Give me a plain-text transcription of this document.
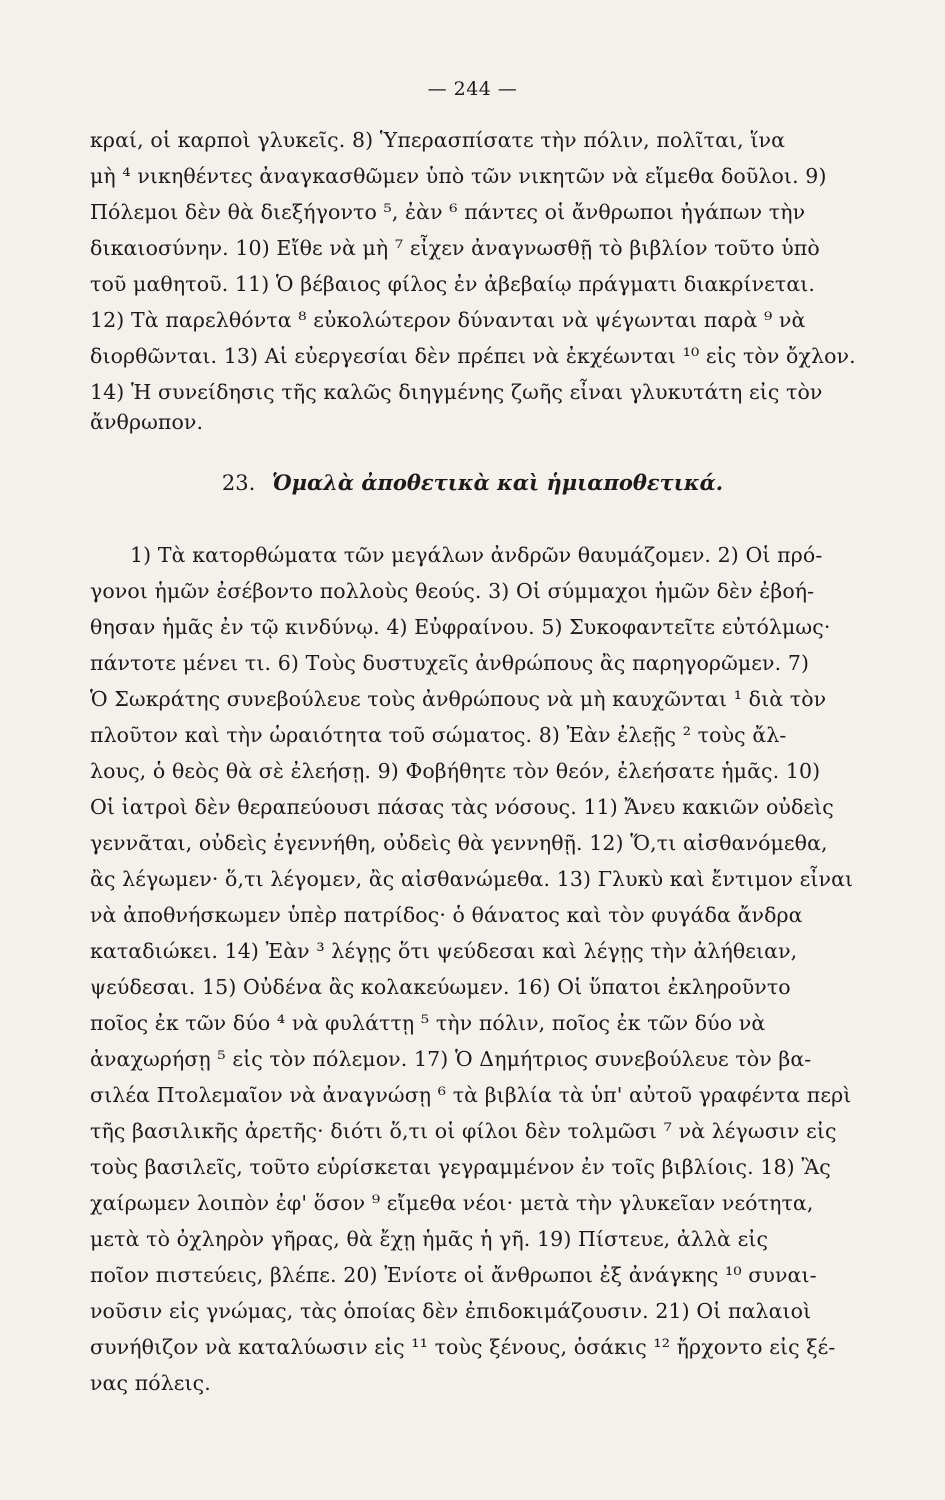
— 244 —
κραί, οἱ καρποὶ γλυκεῖς. 8) Ὑπερασπίσατε τὴν πόλιν, πολῖται, ἵνα
μὴ ⁴ νικηθέντες ἀναγκασθῶμεν ὑπὸ τῶν νικητῶν νὰ εἴμεθα δοῦλοι. 9)
Πόλεμοι δὲν θὰ διεξήγοντο ⁵, ἐὰν ⁶ πάντες οἱ ἄνθρωποι ἠγάπων τὴν
δικαιοσύνην. 10) Εἴθε νὰ μὴ ⁷ εἶχεν ἀναγνωσθῇ τὸ βιβλίον τοῦτο ὑπὸ
τοῦ μαθητοῦ. 11) Ὁ βέβαιος φίλος ἐν ἀβεβαίῳ πράγματι διακρίνεται.
12) Τὰ παρελθόντα ⁸ εὐκολώτερον δύνανται νὰ ψέγωνται παρὰ ⁹ νὰ
διορθῶνται. 13) Αἱ εὐεργεσίαι δὲν πρέπει νὰ ἐκχέωνται ¹⁰ εἰς τὸν ὄχλον.
14) Ἡ συνείδησις τῆς καλῶς διηγμένης ζωῆς εἶναι γλυκυτάτη εἰς τὸν
ἄνθρωπον.
23. Ὁμαλὰ ἀποθετικὰ καὶ ἡμιαποθετικά.
1) Τὰ κατορθώματα τῶν μεγάλων ἀνδρῶν θαυμάζομεν. 2) Οἱ πρό-
γονοι ἡμῶν ἐσέβοντο πολλοὺς θεούς. 3) Οἱ σύμμαχοι ἡμῶν δὲν ἐβοή-
θησαν ἡμᾶς ἐν τῷ κινδύνῳ. 4) Εὐφραίνου. 5) Συκοφαντεῖτε εὐτόλμως·
πάντοτε μένει τι. 6) Τοὺς δυστυχεῖς ἀνθρώπους ἂς παρηγορῶμεν. 7)
Ὁ Σωκράτης συνεβούλευε τοὺς ἀνθρώπους νὰ μὴ καυχῶνται ¹ διὰ τὸν
πλοῦτον καὶ τὴν ὡραιότητα τοῦ σώματος. 8) Ἐὰν ἐλεῇς ² τοὺς ἄλ-
λους, ὁ θεὸς θὰ σὲ ἐλεήσῃ. 9) Φοβήθητε τὸν θεόν, ἐλεήσατε ἡμᾶς. 10)
Οἱ ἰατροὶ δὲν θεραπεύουσι πάσας τὰς νόσους. 11) Ἄνευ κακιῶν οὐδεὶς
γεννᾶται, οὐδεὶς ἐγεννήθη, οὐδεὶς θὰ γεννηθῇ. 12) Ὅ,τι αἰσθανόμεθα,
ἂς λέγωμεν· ὅ,τι λέγομεν, ἂς αἰσθανώμεθα. 13) Γλυκὺ καὶ ἔντιμον εἶναι
νὰ ἀποθνήσκωμεν ὑπὲρ πατρίδος· ὁ θάνατος καὶ τὸν φυγάδα ἄνδρα
καταδιώκει. 14) Ἐὰν ³ λέγῃς ὅτι ψεύδεσαι καὶ λέγῃς τὴν ἀλήθειαν,
ψεύδεσαι. 15) Οὐδένα ἂς κολακεύωμεν. 16) Οἱ ὕπατοι ἐκληροῦντο
ποῖος ἐκ τῶν δύο ⁴ νὰ φυλάττῃ ⁵ τὴν πόλιν, ποῖος ἐκ τῶν δύο νὰ
ἀναχωρήσῃ ⁵ εἰς τὸν πόλεμον. 17) Ὁ Δημήτριος συνεβούλευε τὸν βα-
σιλέα Πτολεμαῖον νὰ ἀναγνώσῃ ⁶ τὰ βιβλία τὰ ὑπ' αὐτοῦ γραφέντα περὶ
τῆς βασιλικῆς ἀρετῆς· διότι ὅ,τι οἱ φίλοι δὲν τολμῶσι ⁷ νὰ λέγωσιν εἰς
τοὺς βασιλεῖς, τοῦτο εὑρίσκεται γεγραμμένον ἐν τοῖς βιβλίοις. 18) Ἂς
χαίρωμεν λοιπὸν ἐφ' ὅσον ⁹ εἴμεθα νέοι· μετὰ τὴν γλυκεῖαν νεότητα,
μετὰ τὸ ὀχληρὸν γῆρας, θὰ ἔχῃ ἡμᾶς ἡ γῆ. 19) Πίστευε, ἀλλὰ εἰς
ποῖον πιστεύεις, βλέπε. 20) Ἐνίοτε οἱ ἄνθρωποι ἐξ ἀνάγκης ¹⁰ συναι-
νοῦσιν εἰς γνώμας, τὰς ὁποίας δὲν ἐπιδοκιμάζουσιν. 21) Οἱ παλαιοὶ
συνήθιζον νὰ καταλύωσιν εἰς ¹¹ τοὺς ξένους, ὁσάκις ¹² ἤρχοντο εἰς ξέ-
νας πόλεις.
